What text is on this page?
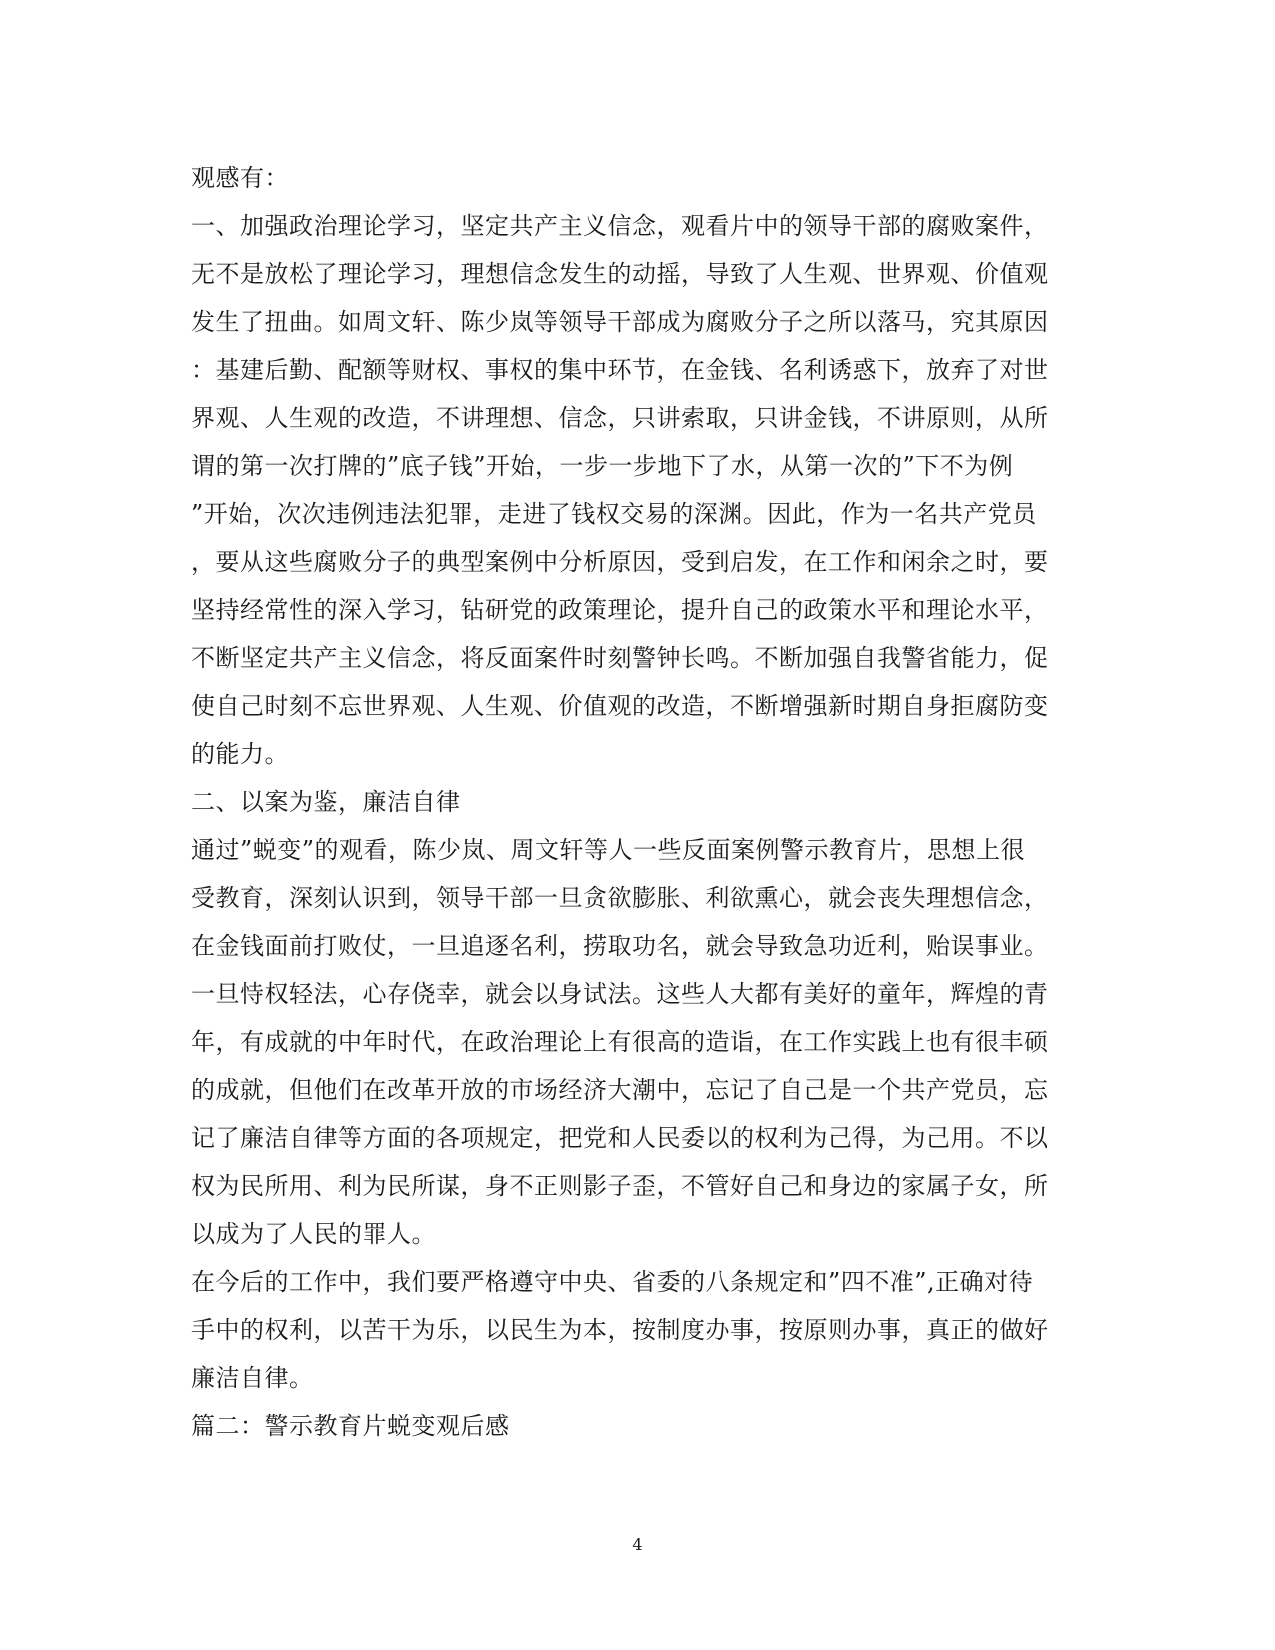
观感有：
一、加强政治理论学习，坚定共产主义信念，观看片中的领导干部的腐败案件，
无不是放松了理论学习，理想信念发生的动摇，导致了人生观、世界观、价值观
发生了扭曲。如周文轩、陈少岚等领导干部成为腐败分子之所以落马，究其原因
：基建后勤、配额等财权、事权的集中环节，在金钱、名利诱惑下，放弃了对世
界观、人生观的改造，不讲理想、信念，只讲索取，只讲金钱，不讲原则，从所
谓的第一次打牌的”底子钱”开始，一步一步地下了水，从第一次的”下不为例
”开始，次次违例违法犯罪，走进了钱权交易的深渊。因此，作为一名共产党员
，要从这些腐败分子的典型案例中分析原因，受到启发，在工作和闲余之时，要
坚持经常性的深入学习，钻研党的政策理论，提升自己的政策水平和理论水平，
不断坚定共产主义信念，将反面案件时刻警钟长鸣。不断加强自我警省能力，促
使自己时刻不忘世界观、人生观、价值观的改造，不断增强新时期自身拒腐防变
的能力。
二、以案为鉴，廉洁自律
通过”蜕变”的观看，陈少岚、周文轩等人一些反面案例警示教育片，思想上很
受教育，深刻认识到，领导干部一旦贪欲膨胀、利欲熏心，就会丧失理想信念，
在金钱面前打败仗，一旦追逐名利，捞取功名，就会导致急功近利，贻误事业。
一旦恃权轻法，心存侥幸，就会以身试法。这些人大都有美好的童年，辉煌的青
年，有成就的中年时代，在政治理论上有很高的造诣，在工作实践上也有很丰硕
的成就，但他们在改革开放的市场经济大潮中，忘记了自己是一个共产党员，忘
记了廉洁自律等方面的各项规定，把党和人民委以的权利为己得，为己用。不以
权为民所用、利为民所谋，身不正则影子歪，不管好自己和身边的家属子女，所
以成为了人民的罪人。
在今后的工作中，我们要严格遵守中央、省委的八条规定和”四不准”,正确对待
手中的权利，以苦干为乐，以民生为本，按制度办事，按原则办事，真正的做好
廉洁自律。
篇二：警示教育片蜕变观后感
4
